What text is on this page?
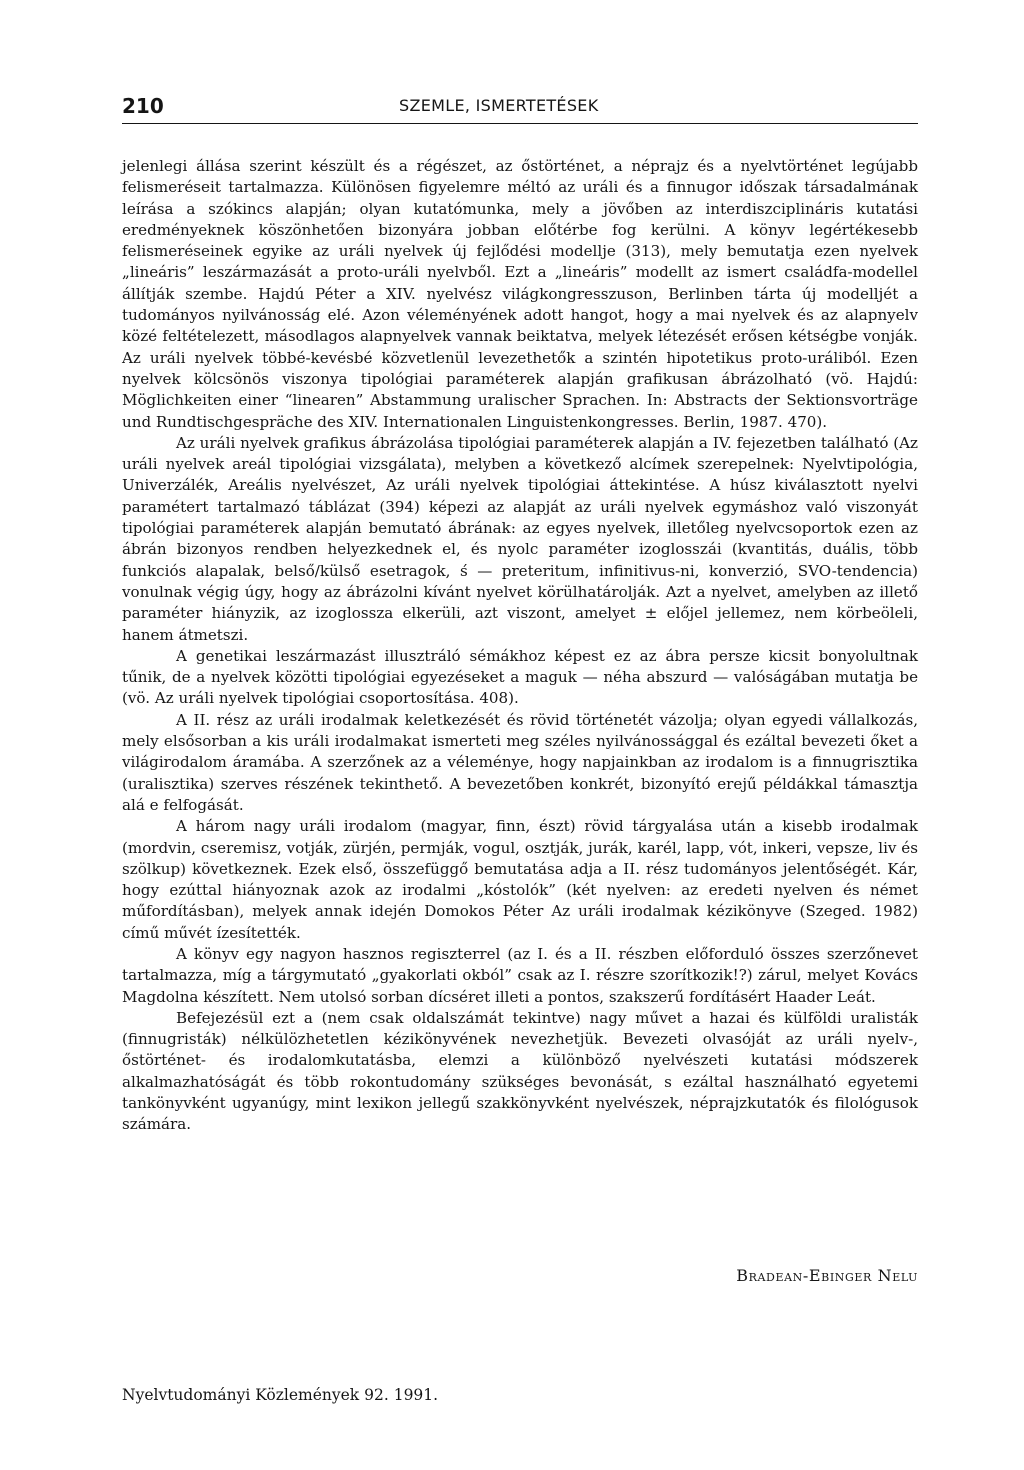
210	SZEMLE, ISMERTETÉSEK

jelenlegi állása szerint készült és a régészet, az őstörténet, a néprajz és a nyelvtörténet legújabb felismeréseit tartalmazza. Különösen figyelemre méltó az uráli és a finnugor időszak társadalmának leírása a szókincs alapján; olyan kutatómunka, mely a jövőben az interdiszciplináris kutatási eredményeknek köszönhetően bizonyára jobban előtérbe fog kerülni. A könyv legértékesebb felismeréseinek egyike az uráli nyelvek új fejlődési modellje (313), mely bemutatja ezen nyelvek „lineáris” leszármazását a proto-uráli nyelvből. Ezt a „lineáris” modellt az ismert családfa-modellel állítják szembe. Hajdú Péter a XIV. nyelvész világkongresszuson, Berlinben tárta új modelljét a tudományos nyilvánosság elé. Azon véleményének adott hangot, hogy a mai nyelvek és az alapnyelv közé feltételezett, másodlagos alapnyelvek vannak beiktatva, melyek létezését erősen kétségbe vonják. Az uráli nyelvek többé-kevésbé közvetlenül levezethetők a szintén hipotetikus proto-uráliból. Ezen nyelvek kölcsönös viszonya tipológiai paraméterek alapján grafikusan ábrázolható (vö. Hajdú: Möglichkeiten einer “linearen” Abstammung uralischer Sprachen. In: Abstracts der Sektionsvorträge und Rundtischgespräche des XIV. Internationalen Linguistenkongresses. Berlin, 1987. 470).

Az uráli nyelvek grafikus ábrázolása tipológiai paraméterek alapján a IV. fejezetben található (Az uráli nyelvek areál tipológiai vizsgálata), melyben a következő alcímek szerepelnek: Nyelvtipológia, Univerzálék, Areális nyelvészet, Az uráli nyelvek tipológiai áttekintése. A húsz kiválasztott nyelvi paramétert tartalmazó táblázat (394) képezi az alapját az uráli nyelvek egymáshoz való viszonyát tipológiai paraméterek alapján bemutató ábrának: az egyes nyelvek, illetőleg nyelvcsoportok ezen az ábrán bizonyos rendben helyezkednek el, és nyolc paraméter izoglosszái (kvantitás, duális, több funkciós alapalak, belső/külső esetragok, ś — preteritum, infinitivus-ni, konverzió, SVO-tendencia) vonulnak végig úgy, hogy az ábrázolni kívánt nyelvet körülhatárolják. Azt a nyelvet, amelyben az illető paraméter hiányzik, az izoglossza elkerüli, azt viszont, amelyet ± előjel jellemez, nem körbeöleli, hanem átmetszi.

A genetikai leszármazást illusztráló sémákhoz képest ez az ábra persze kicsit bonyolultnak tűnik, de a nyelvek közötti tipológiai egyezéseket a maguk — néha abszurd — valóságában mutatja be (vö. Az uráli nyelvek tipológiai csoportosítása. 408).

A II. rész az uráli irodalmak keletkezését és rövid történetét vázolja; olyan egyedi vállalkozás, mely elsősorban a kis uráli irodalmakat ismerteti meg széles nyilvánossággal és ezáltal bevezeti őket a világirodalom áramába. A szerzőnek az a véleménye, hogy napjainkban az irodalom is a finnugrisztika (uralisztika) szerves részének tekinthető. A bevezetőben konkrét, bizonyító erejű példákkal támasztja alá e felfogását.

A három nagy uráli irodalom (magyar, finn, észt) rövid tárgyalása után a kisebb irodalmak (mordvin, cseremisz, votják, zürjén, permják, vogul, osztják, jurák, karél, lapp, vót, inkeri, vepsze, liv és szölkup) következnek. Ezek első, összefüggő bemutatása adja a II. rész tudományos jelentőségét. Kár, hogy ezúttal hiányoznak azok az irodalmi „kóstolók” (két nyelven: az eredeti nyelven és német műfordításban), melyek annak idején Domokos Péter Az uráli irodalmak kézikönyve (Szeged. 1982) című művét ízesítették.

A könyv egy nagyon hasznos regiszterrel (az I. és a II. részben előforduló összes szerzőnevet tartalmazza, míg a tárgymutató „gyakorlati okból” csak az I. részre szorítkozik!?) zárul, melyet Kovács Magdolna készített. Nem utolsó sorban dícséret illeti a pontos, szakszerű fordításért Haader Leát.

Befejezésül ezt a (nem csak oldalszámát tekintve) nagy művet a hazai és külföldi uralisták (finnugristák) nélkülözhetetlen kézikönyvének nevezhetjük. Bevezeti olvasóját az uráli nyelv-, őstörténet- és irodalomkutatásba, elemzi a különböző nyelvészeti kutatási módszerek alkalmazhatóságát és több rokontudomány szükséges bevonását, s ezáltal használható egyetemi tankönyvként ugyanúgy, mint lexikon jellegű szakkönyvként nyelvészek, néprajzkutatók és filológusok számára.

Bradean-Ebinger Nelu
Nyelvtudományi Közlemények 92. 1991.
